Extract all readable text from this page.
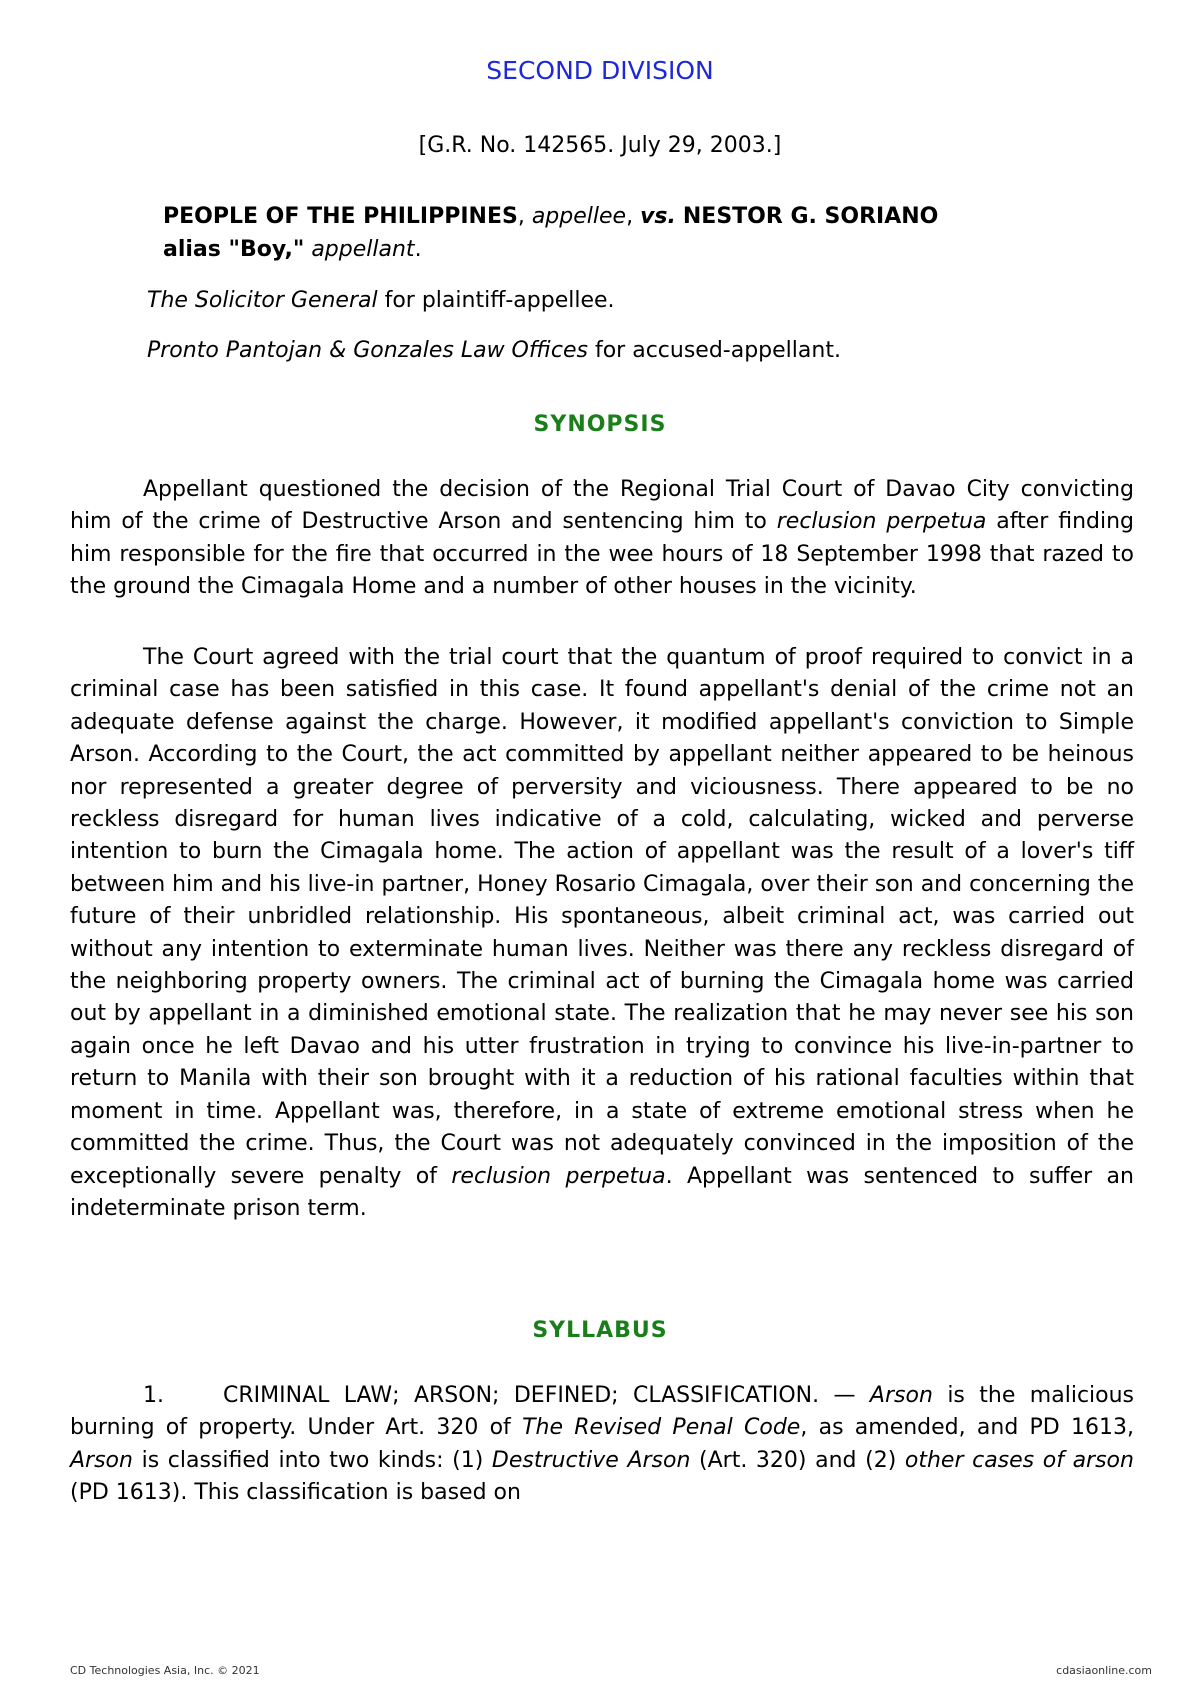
SECOND DIVISION
[G.R. No. 142565. July 29, 2003.]
PEOPLE OF THE PHILIPPINES, appellee, vs. NESTOR G. SORIANO alias "Boy," appellant.
The Solicitor General for plaintiff-appellee.
Pronto Pantojan & Gonzales Law Offices for accused-appellant.
SYNOPSIS

Appellant questioned the decision of the Regional Trial Court of Davao City convicting him of the crime of Destructive Arson and sentencing him to reclusion perpetua after finding him responsible for the fire that occurred in the wee hours of 18 September 1998 that razed to the ground the Cimagala Home and a number of other houses in the vicinity.

The Court agreed with the trial court that the quantum of proof required to convict in a criminal case has been satisfied in this case. It found appellant's denial of the crime not an adequate defense against the charge. However, it modified appellant's conviction to Simple Arson. According to the Court, the act committed by appellant neither appeared to be heinous nor represented a greater degree of perversity and viciousness. There appeared to be no reckless disregard for human lives indicative of a cold, calculating, wicked and perverse intention to burn the Cimagala home. The action of appellant was the result of a lover's tiff between him and his live-in partner, Honey Rosario Cimagala, over their son and concerning the future of their unbridled relationship. His spontaneous, albeit criminal act, was carried out without any intention to exterminate human lives. Neither was there any reckless disregard of the neighboring property owners. The criminal act of burning the Cimagala home was carried out by appellant in a diminished emotional state. The realization that he may never see his son again once he left Davao and his utter frustration in trying to convince his live-in-partner to return to Manila with their son brought with it a reduction of his rational faculties within that moment in time. Appellant was, therefore, in a state of extreme emotional stress when he committed the crime. Thus, the Court was not adequately convinced in the imposition of the exceptionally severe penalty of reclusion perpetua. Appellant was sentenced to suffer an indeterminate prison term.

SYLLABUS

1.	CRIMINAL LAW; ARSON; DEFINED; CLASSIFICATION. — Arson is the malicious burning of property. Under Art. 320 of The Revised Penal Code, as amended, and PD 1613, Arson is classified into two kinds: (1) Destructive Arson (Art. 320) and (2) other cases of arson (PD 1613). This classification is based on

CD Technologies Asia, Inc. © 2021	cdasiaonline.com
